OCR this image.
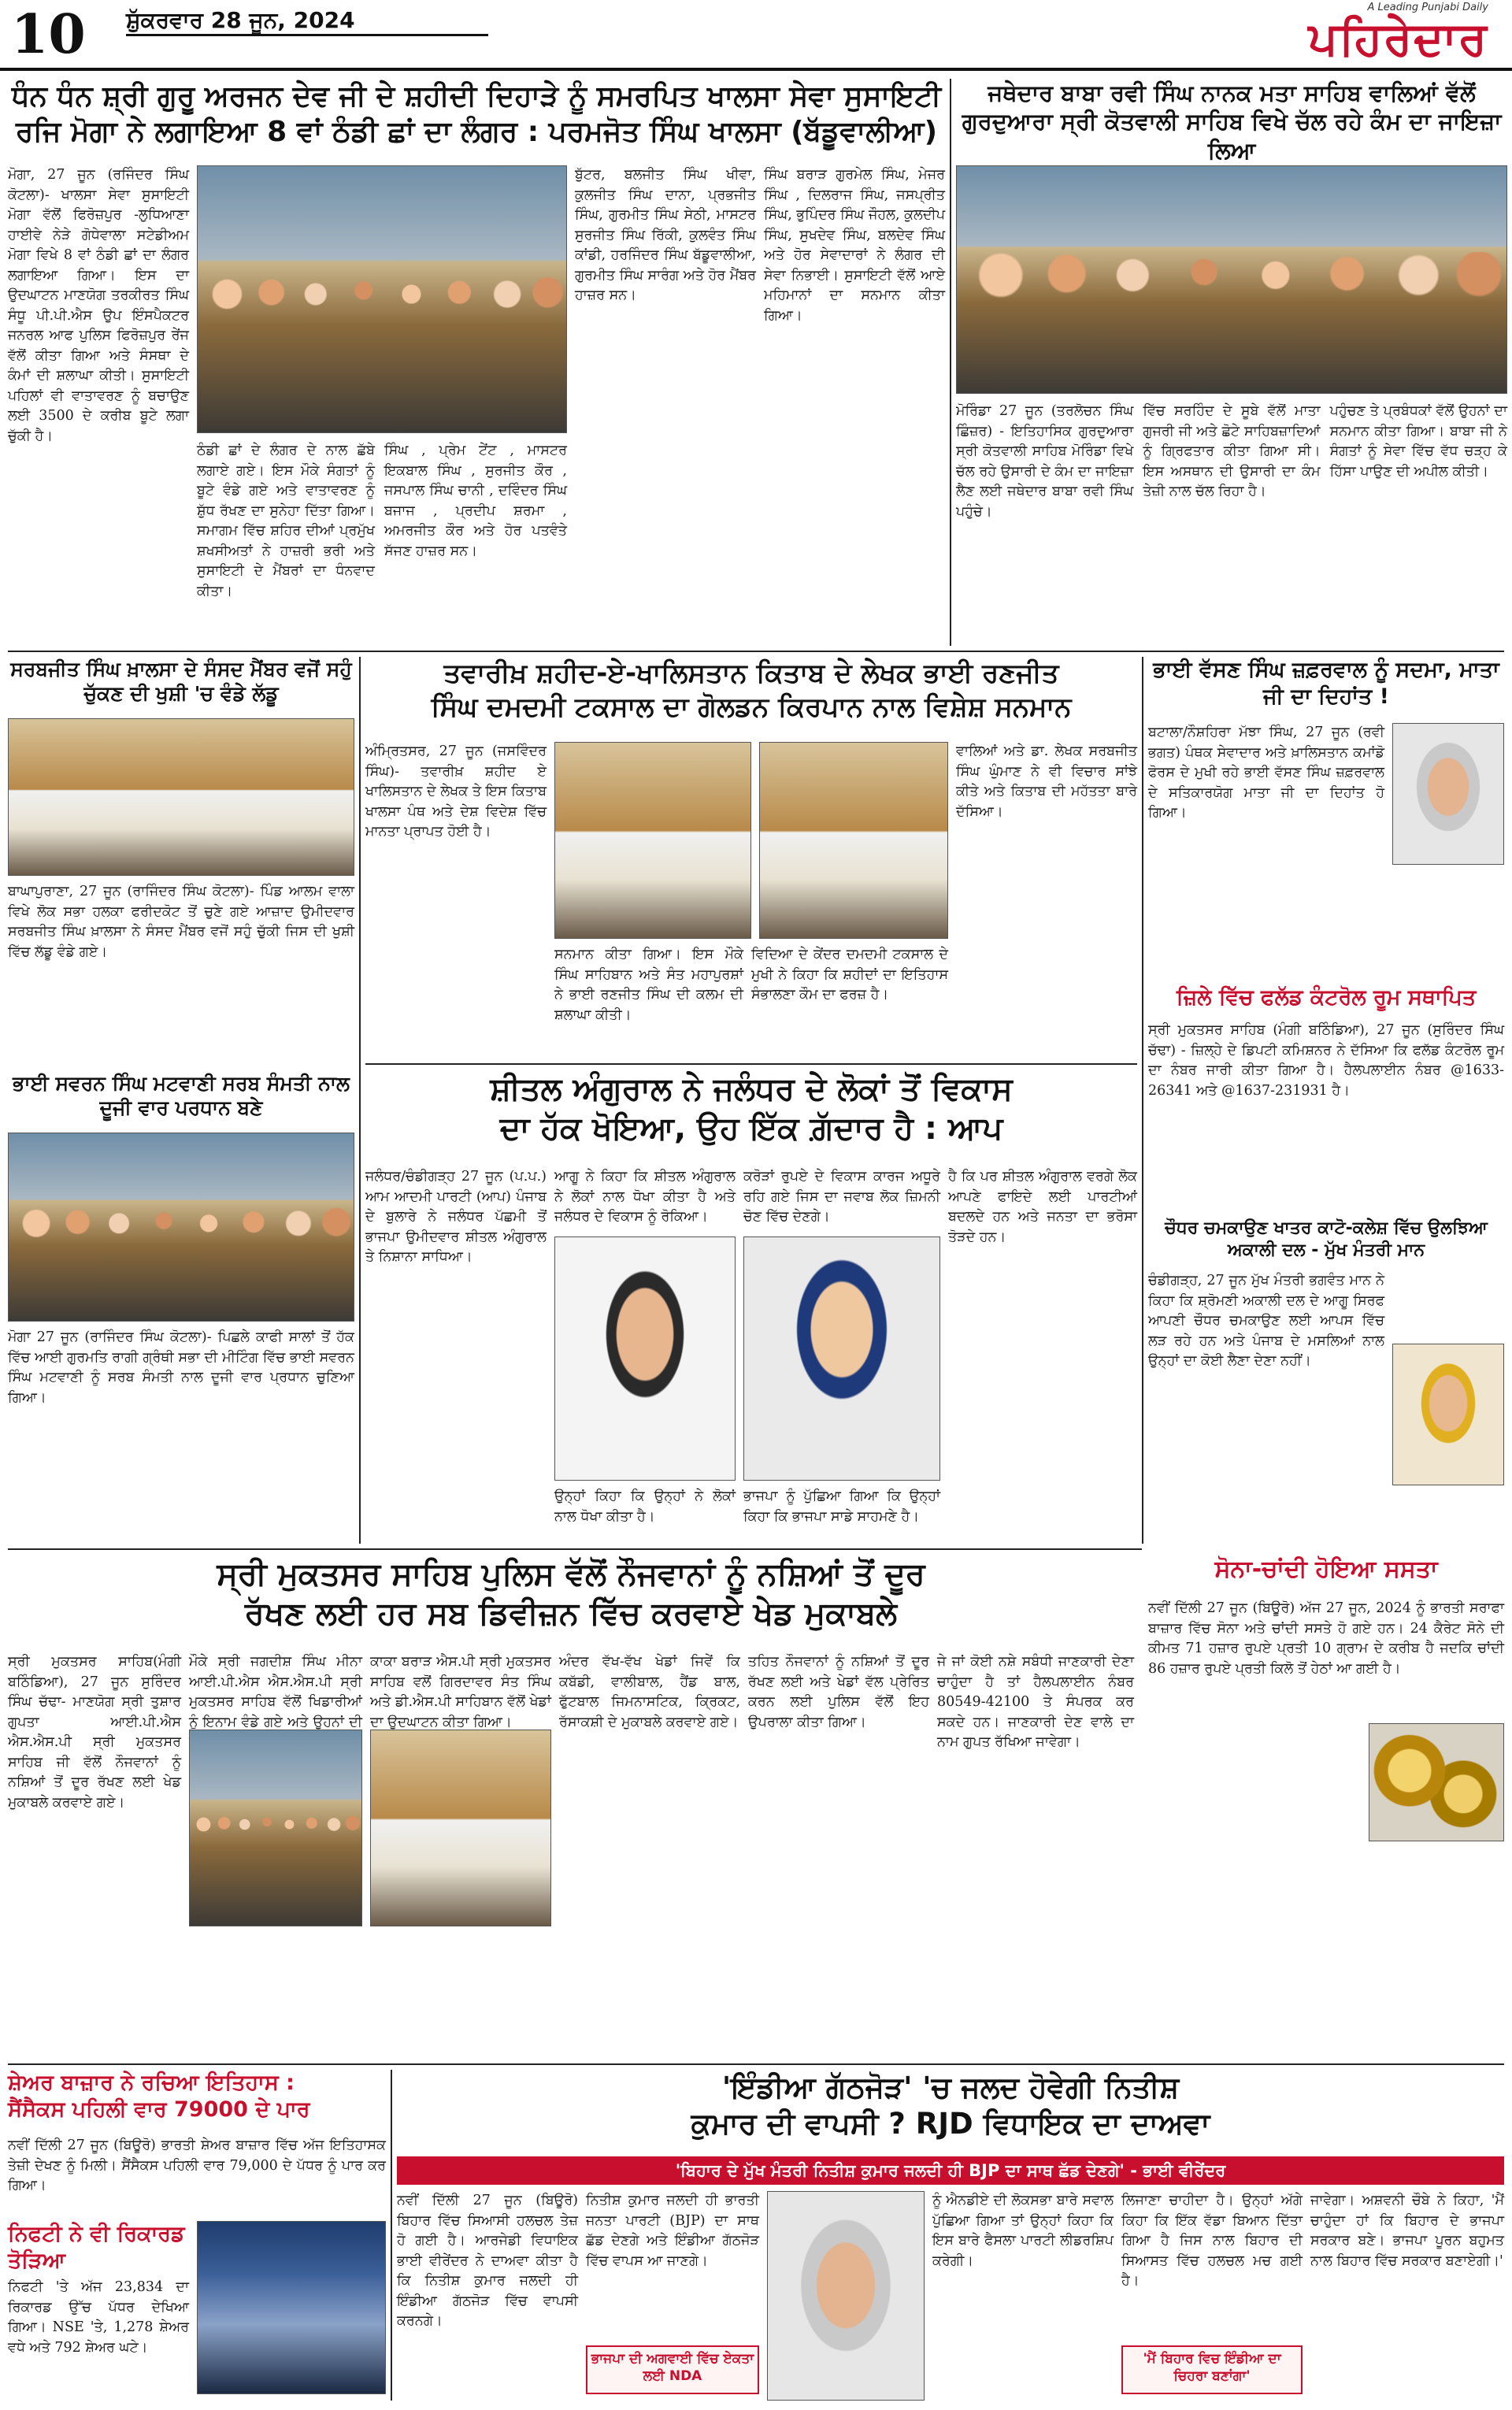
10 ਸ਼ੁੱਕਰਵਾਰ 28 ਜੂਨ, 2024	A Leading Punjabi Daily
ਪਹਿਰੇਦਾਰ
ਧੰਨ ਧੰਨ ਸ਼੍ਰੀ ਗੁਰੂ ਅਰਜਨ ਦੇਵ ਜੀ ਦੇ ਸ਼ਹੀਦੀ ਦਿਹਾੜੇ ਨੂੰ ਸਮਰਪਿਤ ਖਾਲਸਾ ਸੇਵਾ ਸੁਸਾਇਟੀ
ਰਜਿ ਮੋਗਾ ਨੇ ਲਗਾਇਆ 8 ਵਾਂ ਠੰਡੀ ਛਾਂ ਦਾ ਲੰਗਰ : ਪਰਮਜੋਤ ਸਿੰਘ ਖਾਲਸਾ (ਬੱਡੂਵਾਲੀਆ)
ਮੋਗਾ, 27 ਜੂਨ (ਰਜਿੰਦਰ ਸਿੰਘ ਕੋਟਲਾ)- ਖਾਲਸਾ ਸੇਵਾ ਸੁਸਾਇਟੀ ਮੋਗਾ ਵੱਲੋਂ ਫਿਰੋਜ਼ਪੁਰ -ਲੁਧਿਆਣਾ ਹਾਈਵੇ ਨੇੜੇ ਗੋਧੇਵਾਲਾ ਸਟੇਡੀਅਮ ਮੋਗਾ ਵਿਖੇ 8 ਵਾਂ ਠੰਡੀ ਛਾਂ ਦਾ ਲੰਗਰ ਲਗਾਇਆ ਗਿਆ। ਇਸ ਦਾ ਉਦਘਾਟਨ ਮਾਣਯੋਗ ਤਰਕੀਰਤ ਸਿੰਘ ਸੰਧੂ ਪੀ.ਪੀ.ਐਸ ਉਪ ਇੰਸਪੈਕਟਰ ਜਨਰਲ ਆਫ ਪੁਲਿਸ ਫਿਰੋਜ਼ਪੁਰ ਰੇਂਜ ਵੱਲੋਂ ਕੀਤਾ ਗਿਆ ਅਤੇ ਸੰਸਥਾ ਦੇ ਕੰਮਾਂ ਦੀ ਸ਼ਲਾਘਾ ਕੀਤੀ। ਸੁਸਾਇਟੀ ਪਹਿਲਾਂ ਵੀ ਵਾਤਾਵਰਣ ਨੂੰ ਬਚਾਉਣ ਲਈ 3500 ਦੇ ਕਰੀਬ ਬੂਟੇ ਲਗਾ ਚੁੱਕੀ ਹੈ।
ਠੰਡੀ ਛਾਂ ਦੇ ਲੰਗਰ ਦੇ ਨਾਲ ਛੱਬੇ ਲਗਾਏ ਗਏ। ਇਸ ਮੌਕੇ ਸੰਗਤਾਂ ਨੂੰ ਬੂਟੇ ਵੰਡੇ ਗਏ ਅਤੇ ਵਾਤਾਵਰਣ ਨੂੰ ਸ਼ੁੱਧ ਰੱਖਣ ਦਾ ਸੁਨੇਹਾ ਦਿੱਤਾ ਗਿਆ। ਸਮਾਗਮ ਵਿੱਚ ਸ਼ਹਿਰ ਦੀਆਂ ਪ੍ਰਮੁੱਖ ਸ਼ਖਸੀਅਤਾਂ ਨੇ ਹਾਜ਼ਰੀ ਭਰੀ ਅਤੇ ਸੁਸਾਇਟੀ ਦੇ ਮੈਂਬਰਾਂ ਦਾ ਧੰਨਵਾਦ ਕੀਤਾ।
ਸਿੰਘ , ਪ੍ਰੇਮ ਟੇਂਟ , ਮਾਸਟਰ ਇਕਬਾਲ ਸਿੰਘ , ਸੁਰਜੀਤ ਕੌਰ , ਜਸਪਾਲ ਸਿੰਘ ਚਾਨੀ , ਦਵਿੰਦਰ ਸਿੰਘ ਬਜਾਜ , ਪ੍ਰਦੀਪ ਸ਼ਰਮਾ , ਅਮਰਜੀਤ ਕੌਰ ਅਤੇ ਹੋਰ ਪਤਵੰਤੇ ਸੱਜਣ ਹਾਜ਼ਰ ਸਨ।
ਬੁੱਟਰ, ਬਲਜੀਤ ਸਿੰਘ ਖੀਵਾ, ਕੁਲਜੀਤ ਸਿੰਘ ਦਾਨਾ, ਪ੍ਰਭਜੀਤ ਸਿੰਘ, ਗੁਰਮੀਤ ਸਿੰਘ ਸੇਠੀ, ਮਾਸਟਰ ਸੁਰਜੀਤ ਸਿੰਘ ਰਿੱਕੀ, ਕੁਲਵੰਤ ਸਿੰਘ ਕਾਂਡੀ, ਹਰਜਿੰਦਰ ਸਿੰਘ ਬੱਡੂਵਾਲੀਆ, ਗੁਰਮੀਤ ਸਿੰਘ ਸਾਰੰਗ ਅਤੇ ਹੋਰ ਮੈਂਬਰ ਹਾਜ਼ਰ ਸਨ।
ਸਿੰਘ ਬਰਾੜ ਗੁਰਮੇਲ ਸਿੰਘ, ਮੇਜਰ ਸਿੰਘ , ਦਿਲਰਾਜ ਸਿੰਘ, ਜਸਪ੍ਰੀਤ ਸਿੰਘ, ਭੁਪਿੰਦਰ ਸਿੰਘ ਜੌਹਲ, ਕੁਲਦੀਪ ਸਿੰਘ, ਸੁਖਦੇਵ ਸਿੰਘ, ਬਲਦੇਵ ਸਿੰਘ ਅਤੇ ਹੋਰ ਸੇਵਾਦਾਰਾਂ ਨੇ ਲੰਗਰ ਦੀ ਸੇਵਾ ਨਿਭਾਈ। ਸੁਸਾਇਟੀ ਵੱਲੋਂ ਆਏ ਮਹਿਮਾਨਾਂ ਦਾ ਸਨਮਾਨ ਕੀਤਾ ਗਿਆ।
ਜਥੇਦਾਰ ਬਾਬਾ ਰਵੀ ਸਿੰਘ ਨਾਨਕ ਮਤਾ ਸਾਹਿਬ ਵਾਲਿਆਂ ਵੱਲੋਂ
ਗੁਰਦੁਆਰਾ ਸ੍ਰੀ ਕੋਤਵਾਲੀ ਸਾਹਿਬ ਵਿਖੇ ਚੱਲ ਰਹੇ ਕੰਮ ਦਾ ਜਾਇਜ਼ਾ ਲਿਆ
ਮੋਰਿੰਡਾ 27 ਜੂਨ (ਤਰਲੋਚਨ ਸਿੰਘ ਛਿੰਜ਼ਰ) - ਇਤਿਹਾਸਿਕ ਗੁਰਦੁਆਰਾ ਸ੍ਰੀ ਕੋਤਵਾਲੀ ਸਾਹਿਬ ਮੋਰਿੰਡਾ ਵਿਖੇ ਚੱਲ ਰਹੇ ਉਸਾਰੀ ਦੇ ਕੰਮ ਦਾ ਜਾਇਜ਼ਾ ਲੈਣ ਲਈ ਜਥੇਦਾਰ ਬਾਬਾ ਰਵੀ ਸਿੰਘ ਪਹੁੰਚੇ।
ਵਿੱਚ ਸਰਹਿੰਦ ਦੇ ਸੂਬੇ ਵੱਲੋਂ ਮਾਤਾ ਗੁਜਰੀ ਜੀ ਅਤੇ ਛੋਟੇ ਸਾਹਿਬਜ਼ਾਦਿਆਂ ਨੂੰ ਗ੍ਰਿਫਤਾਰ ਕੀਤਾ ਗਿਆ ਸੀ। ਇਸ ਅਸਥਾਨ ਦੀ ਉਸਾਰੀ ਦਾ ਕੰਮ ਤੇਜ਼ੀ ਨਾਲ ਚੱਲ ਰਿਹਾ ਹੈ।
ਪਹੁੰਚਣ ਤੇ ਪ੍ਰਬੰਧਕਾਂ ਵੱਲੋਂ ਉਹਨਾਂ ਦਾ ਸਨਮਾਨ ਕੀਤਾ ਗਿਆ। ਬਾਬਾ ਜੀ ਨੇ ਸੰਗਤਾਂ ਨੂੰ ਸੇਵਾ ਵਿੱਚ ਵੱਧ ਚੜ੍ਹ ਕੇ ਹਿੱਸਾ ਪਾਉਣ ਦੀ ਅਪੀਲ ਕੀਤੀ।
ਸਰਬਜੀਤ ਸਿੰਘ ਖ਼ਾਲਸਾ ਦੇ ਸੰਸਦ ਮੈਂਬਰ ਵਜੋਂ ਸਹੁੰ ਚੁੱਕਣ ਦੀ ਖੁਸ਼ੀ 'ਚ ਵੰਡੇ ਲੱਡੂ
ਬਾਘਾਪੁਰਾਣਾ, 27 ਜੂਨ (ਰਾਜਿੰਦਰ ਸਿੰਘ ਕੋਟਲਾ)- ਪਿੰਡ ਆਲਮ ਵਾਲਾ ਵਿਖੇ ਲੋਕ ਸਭਾ ਹਲਕਾ ਫਰੀਦਕੋਟ ਤੋਂ ਚੁਣੇ ਗਏ ਆਜ਼ਾਦ ਉਮੀਦਵਾਰ ਸਰਬਜੀਤ ਸਿੰਘ ਖ਼ਾਲਸਾ ਨੇ ਸੰਸਦ ਮੈਂਬਰ ਵਜੋਂ ਸਹੁੰ ਚੁੱਕੀ ਜਿਸ ਦੀ ਖੁਸ਼ੀ ਵਿੱਚ ਲੱਡੂ ਵੰਡੇ ਗਏ।
ਭਾਈ ਸਵਰਨ ਸਿੰਘ ਮਟਵਾਣੀ ਸਰਬ ਸੰਮਤੀ ਨਾਲ ਦੂਜੀ ਵਾਰ ਪਰਧਾਨ ਬਣੇ
ਮੋਗਾ 27 ਜੂਨ (ਰਾਜਿੰਦਰ ਸਿੰਘ ਕੋਟਲਾ)- ਪਿਛਲੇ ਕਾਫੀ ਸਾਲਾਂ ਤੋਂ ਹੱਕ ਵਿੱਚ ਆਈ ਗੁਰਮਤਿ ਰਾਗੀ ਗ੍ਰੰਥੀ ਸਭਾ ਦੀ ਮੀਟਿੰਗ ਵਿੱਚ ਭਾਈ ਸਵਰਨ ਸਿੰਘ ਮਟਵਾਣੀ ਨੂੰ ਸਰਬ ਸੰਮਤੀ ਨਾਲ ਦੂਜੀ ਵਾਰ ਪ੍ਰਧਾਨ ਚੁਣਿਆ ਗਿਆ।
ਤਵਾਰੀਖ਼ ਸ਼ਹੀਦ-ਏ-ਖਾਲਿਸਤਾਨ ਕਿਤਾਬ ਦੇ ਲੇਖਕ ਭਾਈ ਰਣਜੀਤ
ਸਿੰਘ ਦਮਦਮੀ ਟਕਸਾਲ ਦਾ ਗੋਲਡਨ ਕਿਰਪਾਨ ਨਾਲ ਵਿਸ਼ੇਸ਼ ਸਨਮਾਨ
ਅੰਮ੍ਰਿਤਸਰ, 27 ਜੂਨ (ਜਸਵਿੰਦਰ ਸਿੰਘ)- ਤਵਾਰੀਖ਼ ਸ਼ਹੀਦ ਏ ਖਾਲਿਸਤਾਨ ਦੇ ਲੇਖਕ ਤੇ ਇਸ ਕਿਤਾਬ ਖਾਲਸਾ ਪੰਥ ਅਤੇ ਦੇਸ਼ ਵਿਦੇਸ਼ ਵਿੱਚ ਮਾਨਤਾ ਪ੍ਰਾਪਤ ਹੋਈ ਹੈ।
ਸਨਮਾਨ ਕੀਤਾ ਗਿਆ। ਇਸ ਮੌਕੇ ਸਿੰਘ ਸਾਹਿਬਾਨ ਅਤੇ ਸੰਤ ਮਹਾਪੁਰਸ਼ਾਂ ਨੇ ਭਾਈ ਰਣਜੀਤ ਸਿੰਘ ਦੀ ਕਲਮ ਦੀ ਸ਼ਲਾਘਾ ਕੀਤੀ।
ਵਿਦਿਆ ਦੇ ਕੇਂਦਰ ਦਮਦਮੀ ਟਕਸਾਲ ਦੇ ਮੁਖੀ ਨੇ ਕਿਹਾ ਕਿ ਸ਼ਹੀਦਾਂ ਦਾ ਇਤਿਹਾਸ ਸੰਭਾਲਣਾ ਕੌਮ ਦਾ ਫਰਜ਼ ਹੈ।
ਵਾਲਿਆਂ ਅਤੇ ਡਾ. ਲੇਖਕ ਸਰਬਜੀਤ ਸਿੰਘ ਘੁੰਮਾਣ ਨੇ ਵੀ ਵਿਚਾਰ ਸਾਂਝੇ ਕੀਤੇ ਅਤੇ ਕਿਤਾਬ ਦੀ ਮਹੱਤਤਾ ਬਾਰੇ ਦੱਸਿਆ।
ਸ਼ੀਤਲ ਅੰਗੁਰਾਲ ਨੇ ਜਲੰਧਰ ਦੇ ਲੋਕਾਂ ਤੋਂ ਵਿਕਾਸ
ਦਾ ਹੱਕ ਖੋਇਆ, ਉਹ ਇੱਕ ਗ਼ੱਦਾਰ ਹੈ : ਆਪ
ਜਲੰਧਰ/ਚੰਡੀਗੜ੍ਹ 27 ਜੂਨ (ਪ.ਪ.) ਆਮ ਆਦਮੀ ਪਾਰਟੀ (ਆਪ) ਪੰਜਾਬ ਦੇ ਬੁਲਾਰੇ ਨੇ ਜਲੰਧਰ ਪੱਛਮੀ ਤੋਂ ਭਾਜਪਾ ਉਮੀਦਵਾਰ ਸ਼ੀਤਲ ਅੰਗੁਰਾਲ ਤੇ ਨਿਸ਼ਾਨਾ ਸਾਧਿਆ।
ਆਗੂ ਨੇ ਕਿਹਾ ਕਿ ਸ਼ੀਤਲ ਅੰਗੁਰਾਲ ਨੇ ਲੋਕਾਂ ਨਾਲ ਧੋਖਾ ਕੀਤਾ ਹੈ ਅਤੇ ਜਲੰਧਰ ਦੇ ਵਿਕਾਸ ਨੂੰ ਰੋਕਿਆ।
ਕਰੋੜਾਂ ਰੁਪਏ ਦੇ ਵਿਕਾਸ ਕਾਰਜ ਅਧੂਰੇ ਰਹਿ ਗਏ ਜਿਸ ਦਾ ਜਵਾਬ ਲੋਕ ਜ਼ਿਮਨੀ ਚੋਣ ਵਿੱਚ ਦੇਣਗੇ।
ਉਨ੍ਹਾਂ ਕਿਹਾ ਕਿ ਉਨ੍ਹਾਂ ਨੇ ਲੋਕਾਂ ਨਾਲ ਧੋਖਾ ਕੀਤਾ ਹੈ।
ਭਾਜਪਾ ਨੂੰ ਪੁੱਛਿਆ ਗਿਆ ਕਿ ਉਨ੍ਹਾਂ ਕਿਹਾ ਕਿ ਭਾਜਪਾ ਸਾਡੇ ਸਾਹਮਣੇ ਹੈ।
ਹੈ ਕਿ ਪਰ ਸ਼ੀਤਲ ਅੰਗੁਰਾਲ ਵਰਗੇ ਲੋਕ ਆਪਣੇ ਫਾਇਦੇ ਲਈ ਪਾਰਟੀਆਂ ਬਦਲਦੇ ਹਨ ਅਤੇ ਜਨਤਾ ਦਾ ਭਰੋਸਾ ਤੋੜਦੇ ਹਨ।
ਭਾਈ ਵੱਸਣ ਸਿੰਘ ਜ਼ਫ਼ਰਵਾਲ ਨੂੰ ਸਦਮਾ, ਮਾਤਾ ਜੀ ਦਾ ਦਿਹਾਂਤ !
ਬਟਾਲਾ/ਨੌਸ਼ਹਿਰਾ ਮੱਝਾ ਸਿੰਘ, 27 ਜੂਨ (ਰਵੀ ਭਗਤ) ਪੰਥਕ ਸੇਵਾਦਾਰ ਅਤੇ ਖ਼ਾਲਿਸਤਾਨ ਕਮਾਂਡੋ ਫੋਰਸ ਦੇ ਮੁਖੀ ਰਹੇ ਭਾਈ ਵੱਸਣ ਸਿੰਘ ਜ਼ਫ਼ਰਵਾਲ ਦੇ ਸਤਿਕਾਰਯੋਗ ਮਾਤਾ ਜੀ ਦਾ ਦਿਹਾਂਤ ਹੋ ਗਿਆ।
ਜ਼ਿਲੇ ਵਿੱਚ ਫਲੱਡ ਕੰਟਰੋਲ ਰੂਮ ਸਥਾਪਿਤ
ਸ੍ਰੀ ਮੁਕਤਸਰ ਸਾਹਿਬ (ਮੰਗੀ ਬਠਿੰਡਿਆ), 27 ਜੂਨ (ਸੁਰਿੰਦਰ ਸਿੰਘ ਚੱਢਾ) - ਜ਼ਿਲ੍ਹੇ ਦੇ ਡਿਪਟੀ ਕਮਿਸ਼ਨਰ ਨੇ ਦੱਸਿਆ ਕਿ ਫਲੱਡ ਕੰਟਰੋਲ ਰੂਮ ਦਾ ਨੰਬਰ ਜਾਰੀ ਕੀਤਾ ਗਿਆ ਹੈ। ਹੈਲਪਲਾਈਨ ਨੰਬਰ @1633-26341 ਅਤੇ @1637-231931 ਹੈ।
ਚੌਧਰ ਚਮਕਾਉਣ ਖਾਤਰ ਕਾਟੋ-ਕਲੇਸ਼ ਵਿੱਚ ਉਲਝਿਆ ਅਕਾਲੀ ਦਲ - ਮੁੱਖ ਮੰਤਰੀ ਮਾਨ
ਚੰਡੀਗੜ੍ਹ, 27 ਜੂਨ ਮੁੱਖ ਮੰਤਰੀ ਭਗਵੰਤ ਮਾਨ ਨੇ ਕਿਹਾ ਕਿ ਸ਼੍ਰੋਮਣੀ ਅਕਾਲੀ ਦਲ ਦੇ ਆਗੂ ਸਿਰਫ ਆਪਣੀ ਚੌਧਰ ਚਮਕਾਉਣ ਲਈ ਆਪਸ ਵਿੱਚ ਲੜ ਰਹੇ ਹਨ ਅਤੇ ਪੰਜਾਬ ਦੇ ਮਸਲਿਆਂ ਨਾਲ ਉਨ੍ਹਾਂ ਦਾ ਕੋਈ ਲੈਣਾ ਦੇਣਾ ਨਹੀਂ।
ਸ੍ਰੀ ਮੁਕਤਸਰ ਸਾਹਿਬ ਪੁਲਿਸ ਵੱਲੋਂ ਨੌਜਵਾਨਾਂ ਨੂੰ ਨਸ਼ਿਆਂ ਤੋਂ ਦੂਰ
ਰੱਖਣ ਲਈ ਹਰ ਸਬ ਡਿਵੀਜ਼ਨ ਵਿੱਚ ਕਰਵਾਏ ਖੇਡ ਮੁਕਾਬਲੇ
ਸ੍ਰੀ ਮੁਕਤਸਰ ਸਾਹਿਬ(ਮੰਗੀ ਬਠਿੰਡਿਆ), 27 ਜੂਨ ਸੁਰਿੰਦਰ ਸਿੰਘ ਚੱਢਾ- ਮਾਣਯੋਗ ਸ੍ਰੀ ਤੁਸ਼ਾਰ ਗੁਪਤਾ ਆਈ.ਪੀ.ਐਸ ਐਸ.ਐਸ.ਪੀ ਸ੍ਰੀ ਮੁਕਤਸਰ ਸਾਹਿਬ ਜੀ ਵੱਲੋਂ ਨੌਜਵਾਨਾਂ ਨੂੰ ਨਸ਼ਿਆਂ ਤੋਂ ਦੂਰ ਰੱਖਣ ਲਈ ਖੇਡ ਮੁਕਾਬਲੇ ਕਰਵਾਏ ਗਏ।
ਮੌਕੇ ਸ੍ਰੀ ਜਗਦੀਸ਼ ਸਿੰਘ ਮੀਨਾ ਆਈ.ਪੀ.ਐਸ ਐਸ.ਐਸ.ਪੀ ਸ੍ਰੀ ਮੁਕਤਸਰ ਸਾਹਿਬ ਵੱਲੋਂ ਖਿਡਾਰੀਆਂ ਨੂੰ ਇਨਾਮ ਵੰਡੇ ਗਏ ਅਤੇ ਉਹਨਾਂ ਦੀ
ਕਾਕਾ ਬਰਾੜ ਐਸ.ਪੀ ਸ੍ਰੀ ਮੁਕਤਸਰ ਸਾਹਿਬ ਵਲੋਂ ਗਿਰਦਾਵਰ ਸੰਤ ਸਿੰਘ ਅਤੇ ਡੀ.ਐਸ.ਪੀ ਸਾਹਿਬਾਨ ਵੱਲੋਂ ਖੇਡਾਂ ਦਾ ਉਦਘਾਟਨ ਕੀਤਾ ਗਿਆ।
ਅੰਦਰ ਵੱਖ-ਵੱਖ ਖੇਡਾਂ ਜਿਵੇਂ ਕਿ ਕਬੱਡੀ, ਵਾਲੀਬਾਲ, ਹੈਂਡ ਬਾਲ, ਫੁੱਟਬਾਲ ਜਿਮਨਾਸਟਿਕ, ਕ੍ਰਿਕਟ, ਰੱਸਾਕਸ਼ੀ ਦੇ ਮੁਕਾਬਲੇ ਕਰਵਾਏ ਗਏ।
ਤਹਿਤ ਨੌਜਵਾਨਾਂ ਨੂੰ ਨਸ਼ਿਆਂ ਤੋਂ ਦੂਰ ਰੱਖਣ ਲਈ ਅਤੇ ਖੇਡਾਂ ਵੱਲ ਪ੍ਰੇਰਿਤ ਕਰਨ ਲਈ ਪੁਲਿਸ ਵੱਲੋਂ ਇਹ ਉਪਰਾਲਾ ਕੀਤਾ ਗਿਆ।
ਜੇ ਜਾਂ ਕੋਈ ਨਸ਼ੇ ਸਬੰਧੀ ਜਾਣਕਾਰੀ ਦੇਣਾ ਚਾਹੁੰਦਾ ਹੈ ਤਾਂ ਹੈਲਪਲਾਈਨ ਨੰਬਰ 80549-42100 ਤੇ ਸੰਪਰਕ ਕਰ ਸਕਦੇ ਹਨ। ਜਾਣਕਾਰੀ ਦੇਣ ਵਾਲੇ ਦਾ ਨਾਮ ਗੁਪਤ ਰੱਖਿਆ ਜਾਵੇਗਾ।
ਸੋਨਾ-ਚਾਂਦੀ ਹੋਇਆ ਸਸਤਾ
ਨਵੀਂ ਦਿੱਲੀ 27 ਜੂਨ (ਬਿਊਰੋ) ਅੱਜ 27 ਜੂਨ, 2024 ਨੂੰ ਭਾਰਤੀ ਸਰਾਫਾ ਬਾਜ਼ਾਰ ਵਿੱਚ ਸੋਨਾ ਅਤੇ ਚਾਂਦੀ ਸਸਤੇ ਹੋ ਗਏ ਹਨ। 24 ਕੈਰੇਟ ਸੋਨੇ ਦੀ ਕੀਮਤ 71 ਹਜ਼ਾਰ ਰੁਪਏ ਪ੍ਰਤੀ 10 ਗ੍ਰਾਮ ਦੇ ਕਰੀਬ ਹੈ ਜਦਕਿ ਚਾਂਦੀ 86 ਹਜ਼ਾਰ ਰੁਪਏ ਪ੍ਰਤੀ ਕਿਲੋ ਤੋਂ ਹੇਠਾਂ ਆ ਗਈ ਹੈ।
ਸ਼ੇਅਰ ਬਾਜ਼ਾਰ ਨੇ ਰਚਿਆ ਇਤਿਹਾਸ :
ਸੈਂਸੈਕਸ ਪਹਿਲੀ ਵਾਰ 79000 ਦੇ ਪਾਰ
ਨਵੀਂ ਦਿੱਲੀ 27 ਜੂਨ (ਬਿਊਰੋ) ਭਾਰਤੀ ਸ਼ੇਅਰ ਬਾਜ਼ਾਰ ਵਿੱਚ ਅੱਜ ਇਤਿਹਾਸਕ ਤੇਜ਼ੀ ਦੇਖਣ ਨੂੰ ਮਿਲੀ। ਸੈਂਸੈਕਸ ਪਹਿਲੀ ਵਾਰ 79,000 ਦੇ ਪੱਧਰ ਨੂੰ ਪਾਰ ਕਰ ਗਿਆ।
ਨਿਫਟੀ ਨੇ ਵੀ ਰਿਕਾਰਡ ਤੋੜਿਆ
ਨਿਫਟੀ 'ਤੇ ਅੱਜ 23,834 ਦਾ ਰਿਕਾਰਡ ਉੱਚ ਪੱਧਰ ਦੇਖਿਆ ਗਿਆ। NSE 'ਤੇ, 1,278 ਸ਼ੇਅਰ ਵਧੇ ਅਤੇ 792 ਸ਼ੇਅਰ ਘਟੇ।
'ਇੰਡੀਆ ਗੱਠਜੋੜ' 'ਚ ਜਲਦ ਹੋਵੇਗੀ ਨਿਤੀਸ਼
ਕੁਮਾਰ ਦੀ ਵਾਪਸੀ ? RJD ਵਿਧਾਇਕ ਦਾ ਦਾਅਵਾ
'ਬਿਹਾਰ ਦੇ ਮੁੱਖ ਮੰਤਰੀ ਨਿਤੀਸ਼ ਕੁਮਾਰ ਜਲਦੀ ਹੀ BJP ਦਾ ਸਾਥ ਛੱਡ ਦੇਣਗੇ' - ਭਾਈ ਵੀਰੇਂਦਰ
ਨਵੀਂ ਦਿੱਲੀ 27 ਜੂਨ (ਬਿਊਰੋ) ਬਿਹਾਰ ਵਿੱਚ ਸਿਆਸੀ ਹਲਚਲ ਤੇਜ਼ ਹੋ ਗਈ ਹੈ। ਆਰਜੇਡੀ ਵਿਧਾਇਕ ਭਾਈ ਵੀਰੇਂਦਰ ਨੇ ਦਾਅਵਾ ਕੀਤਾ ਹੈ ਕਿ ਨਿਤੀਸ਼ ਕੁਮਾਰ ਜਲਦੀ ਹੀ ਇੰਡੀਆ ਗੱਠਜੋੜ ਵਿੱਚ ਵਾਪਸੀ ਕਰਨਗੇ।
ਨਿਤੀਸ਼ ਕੁਮਾਰ ਜਲਦੀ ਹੀ ਭਾਰਤੀ ਜਨਤਾ ਪਾਰਟੀ (BJP) ਦਾ ਸਾਥ ਛੱਡ ਦੇਣਗੇ ਅਤੇ ਇੰਡੀਆ ਗੱਠਜੋੜ ਵਿੱਚ ਵਾਪਸ ਆ ਜਾਣਗੇ।
ਭਾਜਪਾ ਦੀ ਅਗਵਾਈ ਵਿੱਚ ਏਕਤਾ ਲਈ NDA
ਨੂੰ ਐਨਡੀਏ ਦੀ ਲੋਕਸਭਾ ਬਾਰੇ ਸਵਾਲ ਪੁੱਛਿਆ ਗਿਆ ਤਾਂ ਉਨ੍ਹਾਂ ਕਿਹਾ ਕਿ ਇਸ ਬਾਰੇ ਫੈਸਲਾ ਪਾਰਟੀ ਲੀਡਰਸ਼ਿਪ ਕਰੇਗੀ।
ਲਿਜਾਣਾ ਚਾਹੀਦਾ ਹੈ। ਉਨ੍ਹਾਂ ਅੱਗੇ ਕਿਹਾ ਕਿ ਇੱਕ ਵੱਡਾ ਬਿਆਨ ਦਿੱਤਾ ਗਿਆ ਹੈ ਜਿਸ ਨਾਲ ਬਿਹਾਰ ਦੀ ਸਿਆਸਤ ਵਿੱਚ ਹਲਚਲ ਮਚ ਗਈ ਹੈ।
'ਮੈਂ ਬਿਹਾਰ ਵਿਚ ਇੰਡੀਆ ਦਾ ਚਿਹਰਾ ਬਣਾਂਗਾ'
ਜਾਵੇਗਾ। ਅਸ਼ਵਨੀ ਚੌਬੇ ਨੇ ਕਿਹਾ, 'ਮੈਂ ਚਾਹੁੰਦਾ ਹਾਂ ਕਿ ਬਿਹਾਰ ਦੇ ਭਾਜਪਾ ਸਰਕਾਰ ਬਣੇ। ਭਾਜਪਾ ਪੂਰਨ ਬਹੁਮਤ ਨਾਲ ਬਿਹਾਰ ਵਿੱਚ ਸਰਕਾਰ ਬਣਾਏਗੀ।'
